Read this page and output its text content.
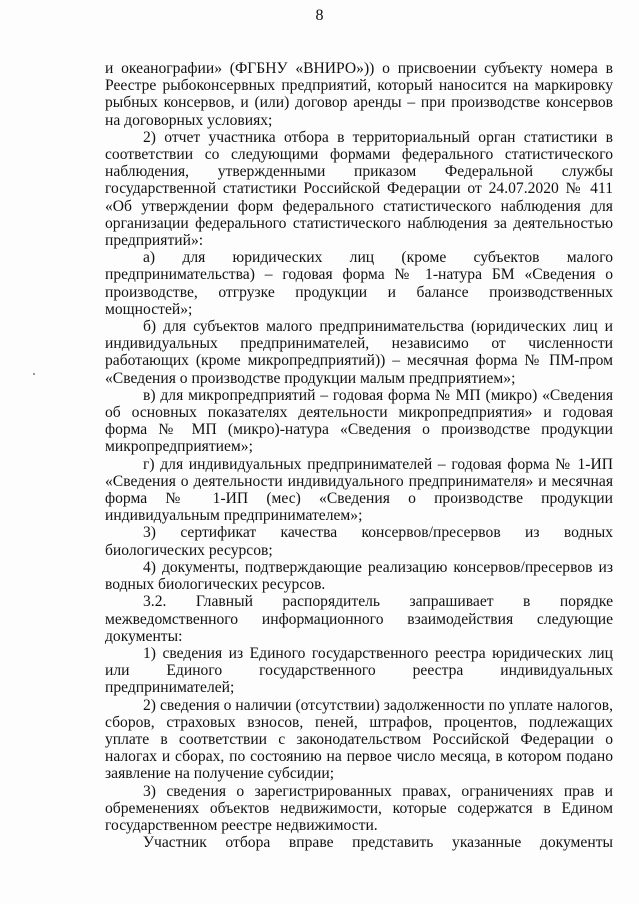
8

и океанографии» (ФГБНУ «ВНИРО»)) о присвоении субъекту номера в Реестре рыбоконсервных предприятий, который наносится на маркировку рыбных консервов, и (или) договор аренды – при производстве консервов на договорных условиях;

2) отчет участника отбора в территориальный орган статистики в соответствии со следующими формами федерального статистического наблюдения, утвержденными приказом Федеральной службы государственной статистики Российской Федерации от 24.07.2020 № 411 «Об утверждении форм федерального статистического наблюдения для организации федерального статистического наблюдения за деятельностью предприятий»:

а) для юридических лиц (кроме субъектов малого предпринимательства) – годовая форма № 1-натура БМ «Сведения о производстве, отгрузке продукции и балансе производственных мощностей»;

б) для субъектов малого предпринимательства (юридических лиц и индивидуальных предпринимателей, независимо от численности работающих (кроме микропредприятий)) – месячная форма № ПМ-пром «Сведения о производстве продукции малым предприятием»;

в) для микропредприятий – годовая форма № МП (микро) «Сведения об основных показателях деятельности микропредприятия» и годовая форма № МП (микро)-натура «Сведения о производстве продукции микропредприятием»;

г) для индивидуальных предпринимателей – годовая форма № 1-ИП «Сведения о деятельности индивидуального предпринимателя» и месячная форма № 1-ИП (мес) «Сведения о производстве продукции индивидуальным предпринимателем»;

3) сертификат качества консервов/пресервов из водных биологических ресурсов;

4) документы, подтверждающие реализацию консервов/пресервов из водных биологических ресурсов.

3.2. Главный распорядитель запрашивает в порядке межведомственного информационного взаимодействия следующие документы:

1) сведения из Единого государственного реестра юридических лиц или Единого государственного реестра индивидуальных предпринимателей;

2) сведения о наличии (отсутствии) задолженности по уплате налогов, сборов, страховых взносов, пеней, штрафов, процентов, подлежащих уплате в соответствии с законодательством Российской Федерации о налогах и сборах, по состоянию на первое число месяца, в котором подано заявление на получение субсидии;

3) сведения о зарегистрированных правах, ограничениях прав и обременениях объектов недвижимости, которые содержатся в Едином государственном реестре недвижимости.

Участник отбора вправе представить указанные документы
